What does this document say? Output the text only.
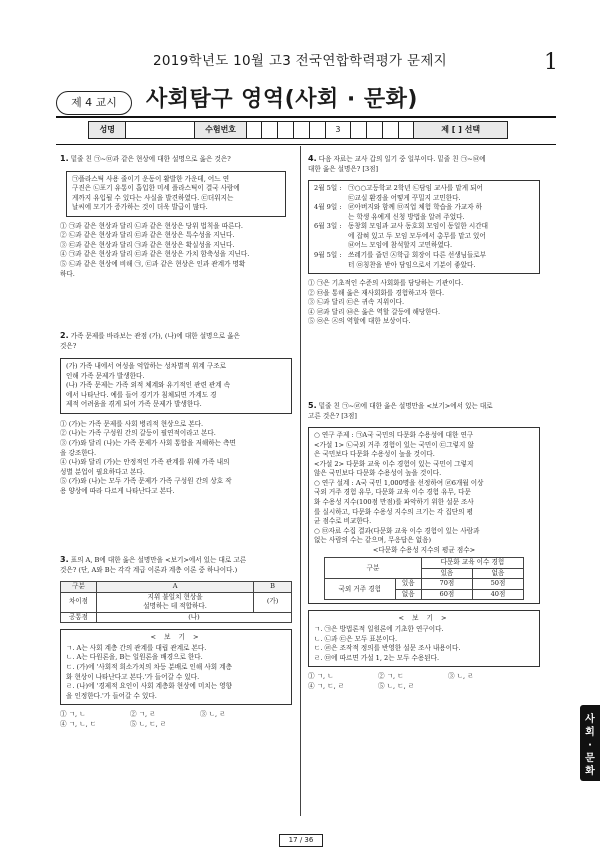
2019학년도 10월 고3 전국연합학력평가 문제지	1
제 4 교시	사회탐구 영역(사회 · 문화)
성명	수험번호	3	제 [ ] 선택
1. 밑줄 친 ㉠~㉤과 같은 현상에 대한 설명으로 옳은 것은?
㉠플라스틱 사용 줄이기 운동이 활발한 가운데, 어느 연
구진은 ㉡포기 유통이 흡입한 미세 플라스틱이 결국 사람에
게까지 유입될 수 있다는 사실을 발견하였다. ㉢더워지는
날씨에 모기가 증가하는 것이 더욱 발급이 많다.
① ㉠과 같은 현상과 달리 ㉡과 같은 현상은 당위 법칙을 따른다.
② ㉡과 같은 현상과 달리 ㉢과 같은 현상은 특수성을 지닌다.
③ ㉢과 같은 현상과 달리 ㉠과 같은 현상은 확실성을 지닌다.
④ ㉠과 같은 현상과 달리 ㉢과 같은 현상은 가치 함축성을 지닌다.
⑤ ㉡과 같은 현상에 비해 ㉠, ㉢과 같은 현상은 인과 관계가 명확
하다.
2. 가족 문제를 바라보는 관점 (가), (나)에 대한 설명으로 옳은
것은?
(가) 가족 내에서 여성을 억압하는 성차별적 위계 구조로
인해 가족 문제가 발생한다.
(나) 가족 문제는 가족 외적 체계와 유기적인 관련 관계 속
에서 나타난다. 예를 들어 경기가 침체되면 가계도 경
제적 어려움을 겪게 되어 가족 문제가 발생한다.
① (가)는 가족 문제를 사회 병리적 현상으로 본다.
② (나)는 가족 구성원 간의 갈등이 필연적이라고 본다.
③ (가)와 달리 (나)는 가족 문제가 사회 통합을 저해하는 측면
을 강조한다.
④ (나)와 달리 (가)는 안정적인 가족 관계를 위해 가족 내의
성별 분업이 필요하다고 본다.
⑤ (가)와 (나)는 모두 가족 문제가 가족 구성원 간의 상호 작
용 양상에 따라 다르게 나타난다고 본다.
3. 표의 A, B에 대한 옳은 설명만을 <보기>에서 있는 대로 고른
것은? (단, A와 B는 각각 계급 이론과 계층 이론 중 하나이다.)
구분	A	B
차이점	지위 불일치 현상을
설명하는 데 적합하다.	(가)
공통점	(나)	
< 보 기 >
ㄱ. A는 사회 계층 간의 관계를 대립 관계로 본다.
ㄴ. A는 다원론을, B는 일원론을 배경으로 한다.
ㄷ. (가)에 '사회적 희소가치의 차등 분배로 인해 사회 계층
화 현상이 나타난다고 본다.'가 들어갈 수 있다.
ㄹ. (나)에 '경제적 요인이 사회 계층화 현상에 미치는 영향
을 인정한다.'가 들어갈 수 있다.
① ㄱ, ㄴ	② ㄱ, ㄹ	③ ㄴ, ㄹ
④ ㄱ, ㄴ, ㄷ	⑤ ㄴ, ㄷ, ㄹ
4. 다음 자료는 교사 갑의 일기 중 일부이다. 밑줄 친 ㉠~㉥에
대한 옳은 설명은? [3점]
2월 5일 : ㉠○○고등학교 2학년 ㉡담임 교사를 맡게 되어
㉢교실 환경을 어떻게 꾸밀지 고민한다.
4월 9일 : ㉣아버지와 함께 ㉤직업 체험 학습을 가교자 하
는 학생 유예게 신청 방법을 알려 주었다.
6월 3일 : 동창회 모임과 교사 동호회 모임이 동일한 시간대
에 잡혀 있고 두 모임 모두에서 총무를 맡고 있어
㉥어느 모임에 참석할지 고민하였다.
9월 5일 : 쓰레기를 줍던 ㉦학급 회장이 다른 선생님들로부
터 ㉧칭찬을 받아 담임으로서 기분이 좋았다.
① ㉠은 기초적인 수준의 사회화를 담당하는 기관이다.
② ㉤을 통해 옳은 재사회화를 경험하고자 한다.
③ ㉡과 달리 ㉢은 귀속 지위이다.
④ ㉣과 달리 ㉥은 옳은 역할 갈등에 해당한다.
⑤ ㉧은 ㉦의 역할에 대한 보상이다.
5. 밑줄 친 ㉠~㉣에 대한 옳은 설명만을 <보기>에서 있는 대로
고른 것은? [3점]
○ 연구 주제 : ㉠A국 국민의 다문화 수용성에 대한 연구
<가설 1> ㉡국외 거주 경험이 있는 국민이 ㉢그렇지 않
은 국민보다 다문화 수용성이 높을 것이다.
<가설 2> 다문화 교육 이수 경험이 있는 국민이 그렇지
않은 국민보다 다문화 수용성이 높을 것이다.
○ 연구 설계 : A국 국민 1,000명을 선정하여 ㉣6개월 이상
국외 거주 경험 유무, 다문화 교육 이수 경험 유무, 다문
화 수용성 지수(100점 만점)를 파악하기 위한 설문 조사
를 실시하고, 다문화 수용성 지수의 크기는 각 집단의 평
균 점수로 비교한다.
○ ㉤자료 수집 결과(다문화 교육 이수 경험이 있는 사람과
없는 사람의 수는 같으며, 무응답은 없음)
<다문화 수용성 지수의 평균 점수>
구분		다문화 교육 이수 경험	
		있음	없음
국외 거주 경험	있음	70점	50점
	없음	60점	40점
< 보 기 >
ㄱ. ㉠은 방법론적 일원론에 기초한 연구이다.
ㄴ. ㉡과 ㉢은 모두 표본이다.
ㄷ. ㉣은 조작적 정의를 반영한 설문 조사 내용이다.
ㄹ. ㉤에 따르면 가설 1, 2는 모두 수용된다.
① ㄱ, ㄴ	② ㄱ, ㄷ	③ ㄴ, ㄹ
④ ㄱ, ㄷ, ㄹ	⑤ ㄴ, ㄷ, ㄹ
사
회
·
문
화
17 / 36
